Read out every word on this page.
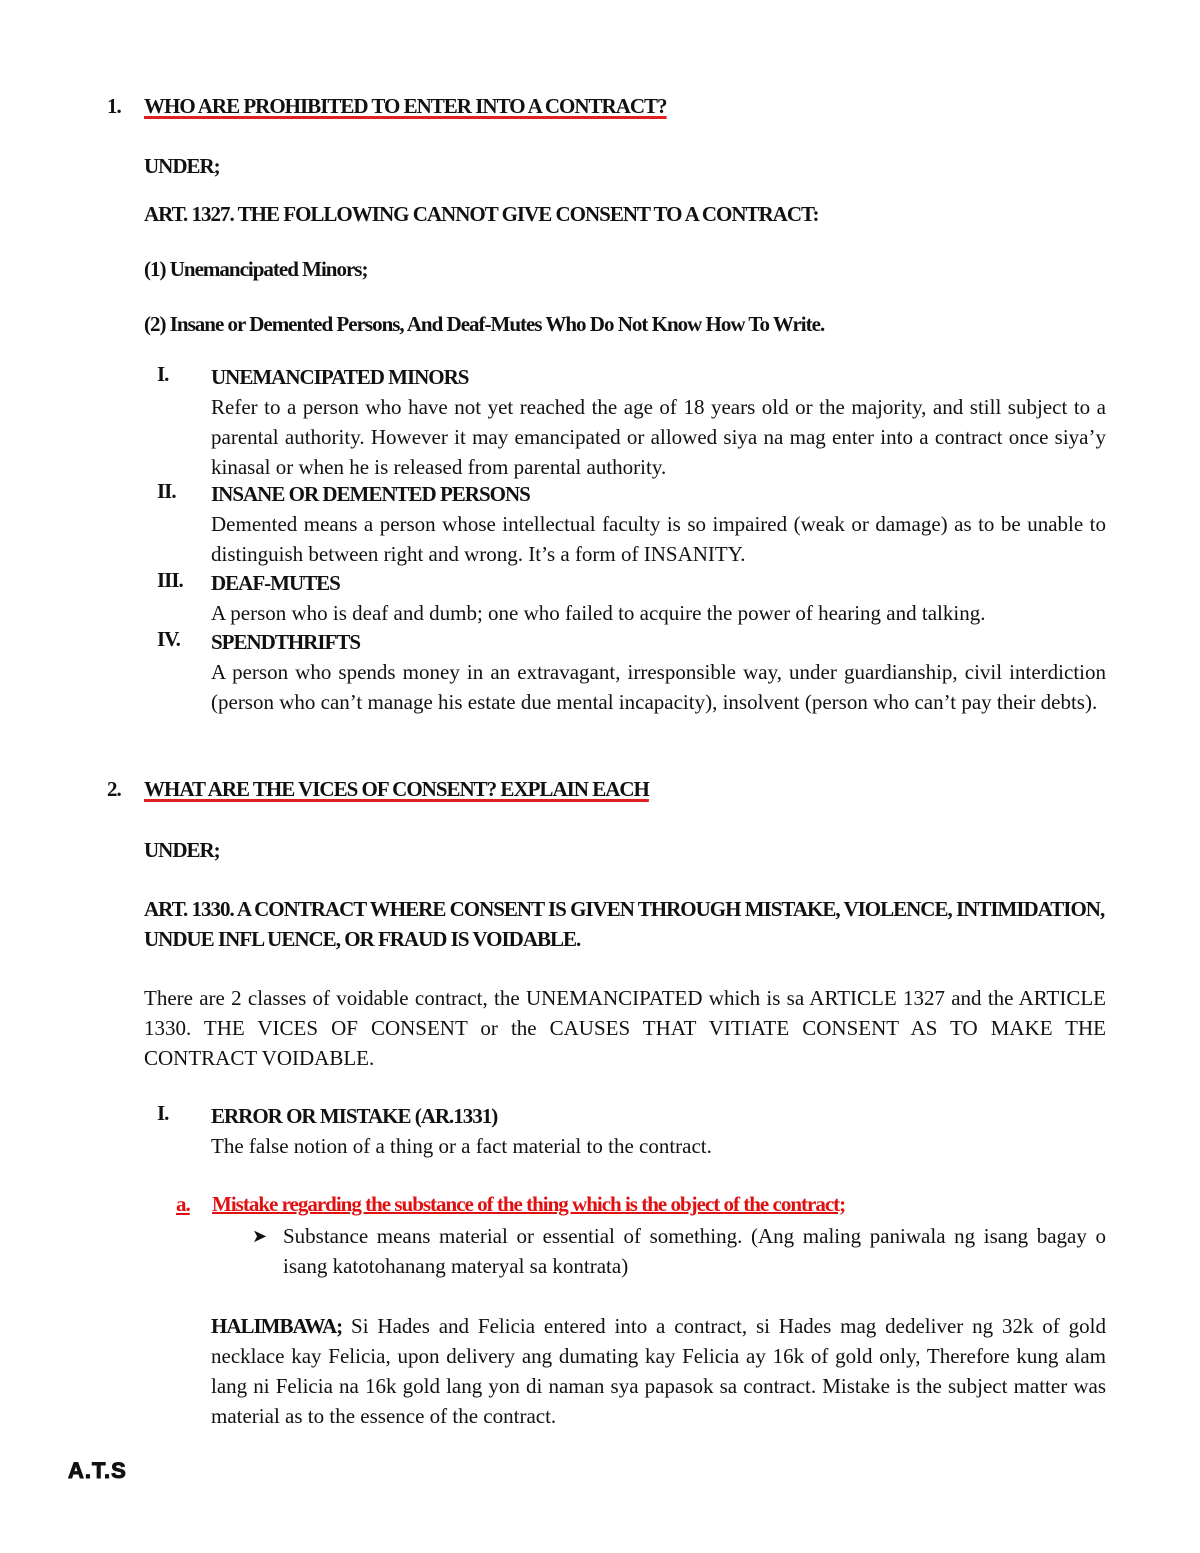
1. WHO ARE PROHIBITED TO ENTER INTO A CONTRACT?
UNDER;
ART. 1327. THE FOLLOWING CANNOT GIVE CONSENT TO A CONTRACT:
(1) Unemancipated Minors;
(2) Insane or Demented Persons, And Deaf-Mutes Who Do Not Know How To Write.
I. UNEMANCIPATED MINORS
Refer to a person who have not yet reached the age of 18 years old or the majority, and still subject to a parental authority. However it may emancipated or allowed siya na mag enter into a contract once siya’y kinasal or when he is released from parental authority.
II. INSANE OR DEMENTED PERSONS
Demented means a person whose intellectual faculty is so impaired (weak or damage) as to be unable to distinguish between right and wrong. It’s a form of INSANITY.
III. DEAF-MUTES
A person who is deaf and dumb; one who failed to acquire the power of hearing and talking.
IV. SPENDTHRIFTS
A person who spends money in an extravagant, irresponsible way, under guardianship, civil interdiction (person who can’t manage his estate due mental incapacity), insolvent (person who can’t pay their debts).
2. WHAT ARE THE VICES OF CONSENT? EXPLAIN EACH
UNDER;
ART. 1330. A CONTRACT WHERE CONSENT IS GIVEN THROUGH MISTAKE, VIOLENCE, INTIMIDATION, UNDUE INFL UENCE, OR FRAUD IS VOIDABLE.
There are 2 classes of voidable contract, the UNEMANCIPATED which is sa ARTICLE 1327 and the ARTICLE 1330. THE VICES OF CONSENT or the CAUSES THAT VITIATE CONSENT AS TO MAKE THE CONTRACT VOIDABLE.
I. ERROR OR MISTAKE (AR.1331)
The false notion of a thing or a fact material to the contract.
a. Mistake regarding the substance of the thing which is the object of the contract;
➤ Substance means material or essential of something. (Ang maling paniwala ng isang bagay o isang katotohanang materyal sa kontrata)
HALIMBAWA; Si Hades and Felicia entered into a contract, si Hades mag dedeliver ng 32k of gold necklace kay Felicia, upon delivery ang dumating kay Felicia ay 16k of gold only, Therefore kung alam lang ni Felicia na 16k gold lang yon di naman sya papasok sa contract. Mistake is the subject matter was material as to the essence of the contract.
A.T.S
